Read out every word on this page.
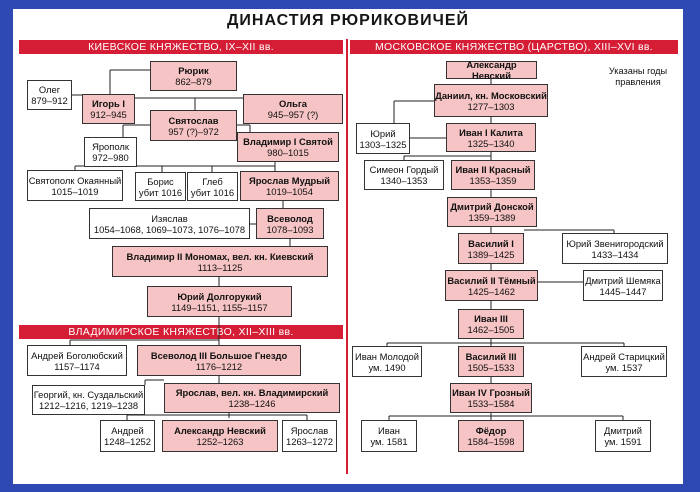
ДИНАСТИЯ РЮРИКОВИЧЕЙ
КИЕВСКОЕ КНЯЖЕСТВО, IX–XII вв.	МОСКОВСКОЕ КНЯЖЕСТВО (ЦАРСТВО), XIII–XVI вв.
ВЛАДИМИРСКОЕ КНЯЖЕСТВО, XII–XIII вв.
Рюрик
862–879
Олег
879–912	Игорь I
912–945
Ольга
945–957 (?)
Святослав
957 (?)–972
Ярополк
972–980
Владимир I Святой
980–1015
Святополк Окаянный
1015–1019
Борис
убит 1016
Глеб
убит 1016
Ярослав Мудрый
1019–1054
Изяслав
1054–1068, 1069–1073, 1076–1078
Всеволод
1078–1093
Владимир II Мономах, вел. кн. Киевский
1113–1125
Юрий Долгорукий
1149–1151, 1155–1157
Андрей Боголюбский
1157–1174
Всеволод III Большое Гнездо
1176–1212
Георгий, кн. Суздальский
1212–1216, 1219–1238
Ярослав, вел. кн. Владимирский
1238–1246
Андрей
1248–1252
Александр Невский
1252–1263
Ярослав
1263–1272
Указаны годы правления
Александр Невский
Даниил, кн. Московский
1277–1303
Юрий
1303–1325
Иван I Калита
1325–1340
Симеон Гордый
1340–1353
Иван II Красный
1353–1359
Дмитрий Донской
1359–1389
Василий I
1389–1425
Юрий Звенигородский
1433–1434
Василий II Тёмный
1425–1462
Дмитрий Шемяка
1445–1447
Иван III
1462–1505
Иван Молодой
ум. 1490
Василий III
1505–1533
Андрей Старицкий
ум. 1537
Иван IV Грозный
1533–1584
Иван
ум. 1581
Фёдор
1584–1598
Дмитрий
ум. 1591
